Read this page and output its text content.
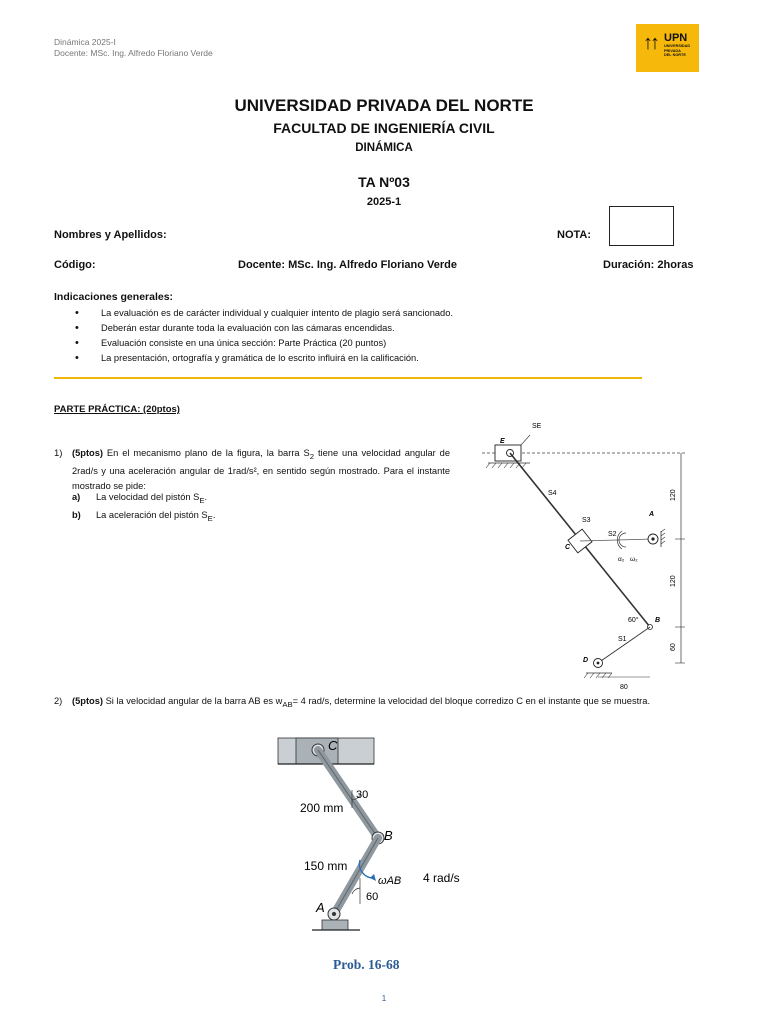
Dinámica 2025-I
Docente: MSc. Ing. Alfredo Floriano Verde	↑↑ UPN
UNIVERSIDAD
PRIVADA
DEL NORTE
UNIVERSIDAD PRIVADA DEL NORTE
FACULTAD DE INGENIERÍA CIVIL
DINÁMICA
TA Nº03
2025-1
Nombres y Apellidos:	NOTA:
Código:	Docente: MSc. Ing. Alfredo Floriano Verde	Duración: 2horas
Indicaciones generales:
• La evaluación es de carácter individual y cualquier intento de plagio será sancionado.
• Deberán estar durante toda la evaluación con las cámaras encendidas.
• Evaluación consiste en una única sección: Parte Práctica (20 puntos)
• La presentación, ortografía y gramática de lo escrito influirá en la calificación.
PARTE PRÁCTICA: (20ptos)
1) (5ptos) En el mecanismo plano de la figura, la barra $S_2$ tiene una velocidad angular de 2rad/s y una aceleración angular de 1rad/s², en sentido según mostrado. Para el instante mostrado se pide:
a) La velocidad del pistón $S_E$.
b) La aceleración del pistón $S_E$.
SE
E
S4
S3
C
S2
α₂ ω₂
A
B
60°
S1
D
120
120
60
80
2) (5ptos) Si la velocidad angular de la barra AB es $w_{AB}= 4$ rad/s, determine la velocidad del bloque corredizo C en el instante que se muestra.
C
200 mm
30
B
150 mm
ωAB 4 rad/s
60
A
Prob. 16-68
1
